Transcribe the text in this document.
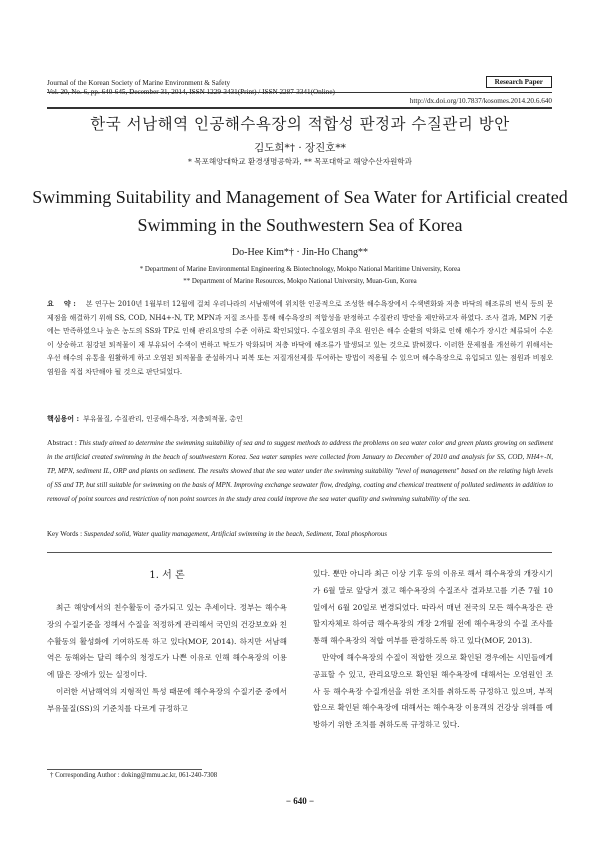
Journal of the Korean Society of Marine Environment & Safety
Vol. 20, No. 6, pp. 640-645, December 31, 2014, ISSN 1229-3431(Print) / ISSN 2287-3341(Online)
Research Paper
http://dx.doi.org/10.7837/kosomes.2014.20.6.640
한국 서남해역 인공해수욕장의 적합성 판정과 수질관리 방안
김도희*† · 장진호**
* 목포해양대학교 환경생명공학과, ** 목포대학교 해양수산자원학과
Swimming Suitability and Management of Sea Water for Artificial created Swimming in the Southwestern Sea of Korea
Do-Hee Kim*† · Jin-Ho Chang**
* Department of Marine Environmental Engineering & Biotechnology, Mokpo National Maritime University, Korea
** Department of Marine Resources, Mokpo National University, Muan-Gun, Korea
요　 약 : 본 연구는 2010년 1월부터 12월에 걸쳐 우리나라의 서남해역에 위치한 인공적으로 조성한 해수욕장에서 수색변화와 저층 바닥의 해조류의 번식 등의 문제점을 해결하기 위해 SS, COD, NH4+-N, TP, MPN과 저질 조사를 통해 해수욕장의 적합성을 판정하고 수질관리 방안을 제안하고자 하였다. 조사 결과, MPN 기준에는 만족하였으나 높은 농도의 SS와 TP로 인해 관리요망의 수준 이하로 확인되었다. 수질오염의 주요 원인은 해수 순환의 악화로 인해 해수가 장시간 체류되어 수온이 상승하고 침강된 퇴적물이 재 부유되어 수색이 변하고 탁도가 악화되며 저층 바닥에 해조류가 발생되고 있는 것으로 밝혀졌다. 이러한 문제점을 개선하기 위해서는 우선 해수의 유통을 원활하게 하고 오염된 퇴적물을 준설하거나 피복 또는 저질개선제를 투여하는 방법이 적용될 수 있으며 해수욕장으로 유입되고 있는 점원과 비점오염원을 직접 차단해야 될 것으로 판단되었다.
핵심용어 : 부유물질, 수질관리, 인공해수욕장, 저층퇴적물, 총인
Abstract : This study aimed to determine the swimming suitability of sea and to suggest methods to address the problems on sea water color and green plants growing on sediment in the artificial created swimming in the beach of southwestern Korea. Sea water samples were collected from January to December of 2010 and analysis for SS, COD, NH4+-N, TP, MPN, sediment IL, ORP and plants on sediment. The results showed that the sea water under the swimming suitability "level of management" based on the relating high levels of SS and TP, but still suitable for swimming on the basis of MPN. Improving exchange seawater flow, dredging, coating and chemical treatment of polluted sediments in addition to removal of point sources and restriction of non point sources in the study area could improve the sea water quality and swimming suitability of the sea.
Key Words : Suspended solid, Water quality management, Artificial swimming in the beach, Sediment, Total phosphorous
1. 서 론

최근 해양에서의 친수활동이 증가되고 있는 추세이다. 정부는 해수욕장의 수질기준을 정해서 수질을 적정하게 관리해서 국민의 건강보호와 친수활동의 활성화에 기여하도록 하고 있다(MOF, 2014). 하지만 서남해역은 동해와는 달리 해수의 청정도가 나쁜 이유로 인해 해수욕장의 이용에 많은 장애가 있는 실정이다.

이러한 서남해역의 지형적인 특성 때문에 해수욕장의 수질기준 중에서 부유물질(SS)의 기준치를 다르게 규정하고

있다. 뿐만 아니라 최근 이상 기후 등의 이유로 해서 해수욕장의 개장시기가 6월 말로 앞당겨 졌고 해수욕장의 수질조사 결과보고를 기존 7월 10일에서 6월 20일로 변경되었다. 따라서 매년 전국의 모든 해수욕장은 관할지자체로 하여금 해수욕장의 개장 2개월 전에 해수욕장의 수질 조사를 통해 해수욕장의 적합 여부를 판정하도록 하고 있다(MOF, 2013).

만약에 해수욕장의 수질이 적합한 것으로 확인된 경우에는 시민들에게 공표할 수 있고, 관리요망으로 확인된 해수욕장에 대해서는 오염원인 조사 등 해수욕장 수질개선을 위한 조치를 취하도록 규정하고 있으며, 부적합으로 확인된 해수욕장에 대해서는 해수욕장 이용객의 건강상 위해를 예방하기 위한 조치를 취하도록 규정하고 있다.

† Corresponding Author : doking@mmu.ac.kr, 061-240-7308
− 640 −
